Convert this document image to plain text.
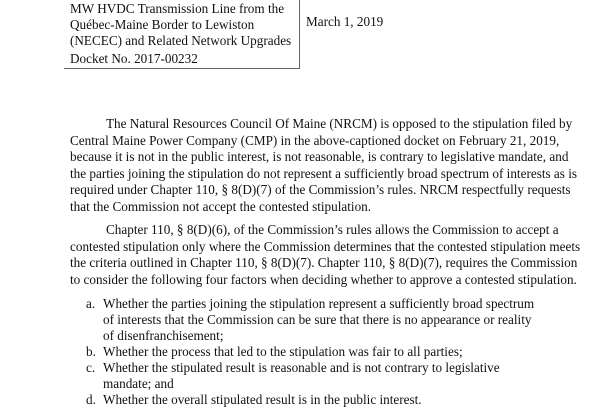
MW HVDC Transmission Line from the
Québec-Maine Border to Lewiston
(NECEC) and Related Network Upgrades
Docket No. 2017-00232
March 1, 2019
The Natural Resources Council Of Maine (NRCM) is opposed to the stipulation filed by
Central Maine Power Company (CMP) in the above-captioned docket on February 21, 2019,
because it is not in the public interest, is not reasonable, is contrary to legislative mandate, and
the parties joining the stipulation do not represent a sufficiently broad spectrum of interests as is
required under Chapter 110, § 8(D)(7) of the Commission’s rules. NRCM respectfully requests
that the Commission not accept the contested stipulation.
Chapter 110, § 8(D)(6), of the Commission’s rules allows the Commission to accept a
contested stipulation only where the Commission determines that the contested stipulation meets
the criteria outlined in Chapter 110, § 8(D)(7). Chapter 110, § 8(D)(7), requires the Commission
to consider the following four factors when deciding whether to approve a contested stipulation.
a. Whether the parties joining the stipulation represent a sufficiently broad spectrum
of interests that the Commission can be sure that there is no appearance or reality
of disenfranchisement;
b. Whether the process that led to the stipulation was fair to all parties;
c. Whether the stipulated result is reasonable and is not contrary to legislative
mandate; and
d. Whether the overall stipulated result is in the public interest.
